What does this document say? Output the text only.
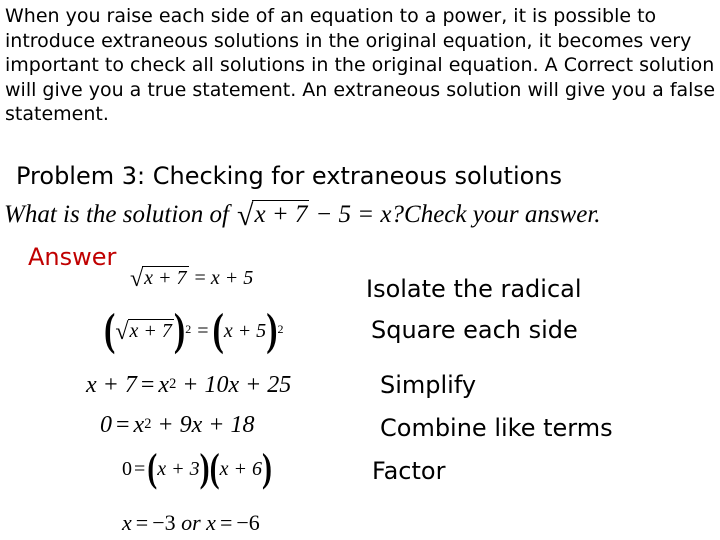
When you raise each side of an equation to a power, it is possible to introduce extraneous solutions in the original equation, it becomes very important to check all solutions in the original equation. A Correct solution will give you a true statement. An extraneous solution will give you a false statement.

Problem 3: Checking for extraneous solutions
What is the solution of √ x + 7 − 5 = x?Check your answer.
Answer
√ x + 7 = x + 5	Isolate the radical
( √ x + 7 ) 2 = ( x + 5 ) 2	Square each side
x + 7 = x 2 + 10x + 25	Simplify
0 = x 2 + 9x + 18	Combine like terms
0 = ( x + 3 )( x + 6 )	Factor
x = −3 or x = −6
